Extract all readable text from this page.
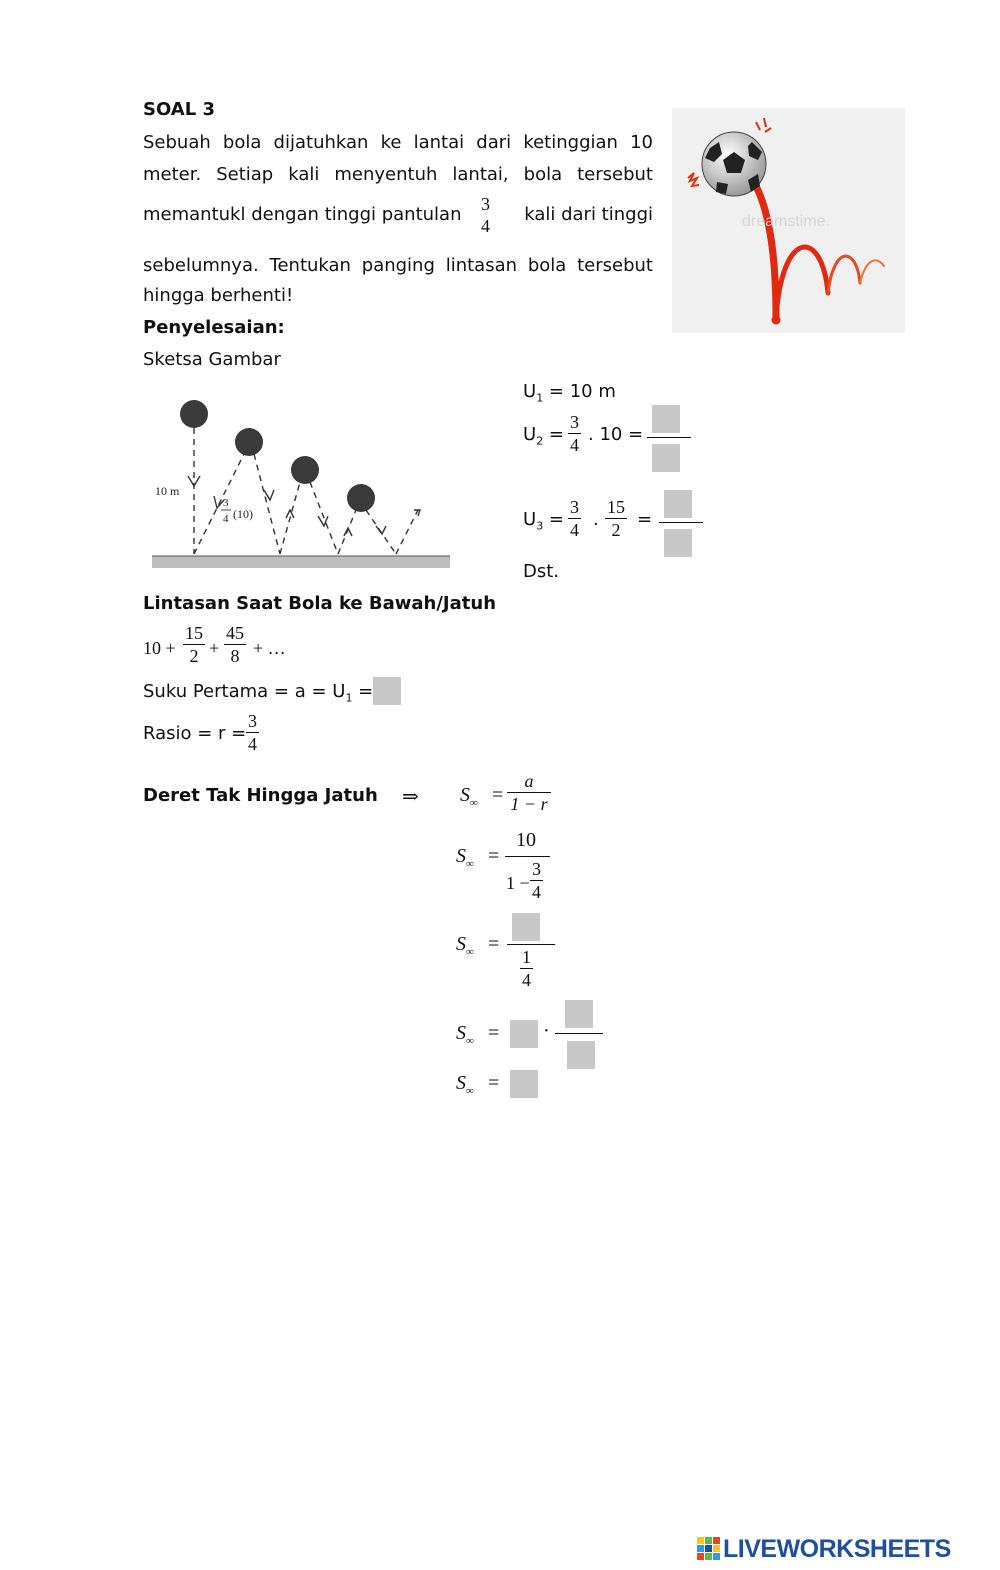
SOAL 3
Sebuah bola dijatuhkan ke lantai dari ketinggian 10
meter. Setiap kali menyentuh lantai, bola tersebut
memantukl dengan tinggi pantulan 3
4
kali dari tinggi
sebelumnya. Tentukan panging lintasan bola tersebut
hingga berhenti!
dreamstime.
Penyelesaian:
Sketsa Gambar
10 m
3
4 (10)
$U_1 = 10$ m
$U_2 = \frac{3}{4}$ . 10 =
$U_3 = \frac{3}{4}$ . $\frac{15}{2}$ =
Dst.
Lintasan Saat Bola ke Bawah/Jatuh
$10 + \frac{15}{2} + \frac{45}{8}$ + …
Suku Pertama = $a = U_1$ =
Rasio = $r = \frac{3}{4}$
Deret Tak Hingga Jatuh ⇒ $S_\infty = \frac{a}{1 - r}$
$S_\infty$ =
10
$1 - \frac{3}{4}$
$S_\infty$ =
$\frac{1}{4}$
$S_\infty$ = ·
$S_\infty$ =
LIVEWORKSHEETS
